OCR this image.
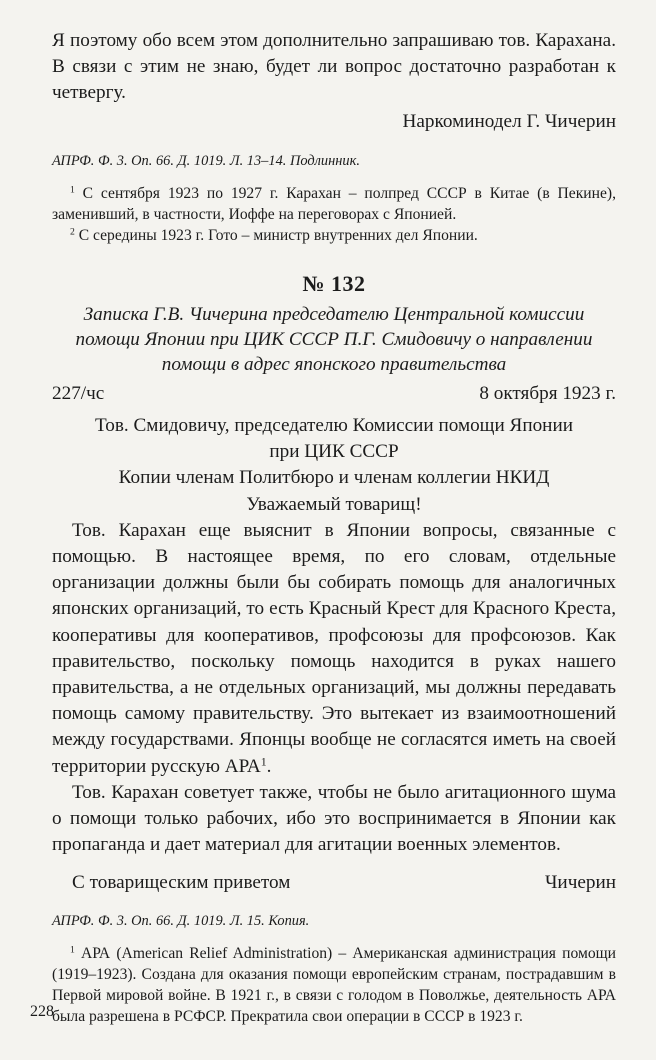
Я поэтому обо всем этом дополнительно запрашиваю тов. Карахана. В связи с этим не знаю, будет ли вопрос достаточно разработан к четвергу.

Наркоминодел Г. Чичерин

АПРФ. Ф. 3. Оп. 66. Д. 1019. Л. 13–14. Подлинник.

$^1$ С сентября 1923 по 1927 г. Карахан – полпред СССР в Китае (в Пекине), заменивший, в частности, Иоффе на переговорах с Японией.

$^2$ С середины 1923 г. Гото – министр внутренних дел Японии.

№ 132

Записка Г.В. Чичерина председателю Центральной комиссии помощи Японии при ЦИК СССР П.Г. Смидовичу о направлении помощи в адрес японского правительства

227/чс	8 октября 1923 г.

Тов. Смидовичу, председателю Комиссии помощи Японии

при ЦИК СССР

Копии членам Политбюро и членам коллегии НКИД

Уважаемый товарищ!

Тов. Карахан еще выяснит в Японии вопросы, связанные с помощью. В настоящее время, по его словам, отдельные организации должны были бы собирать помощь для аналогичных японских организаций, то есть Красный Крест для Красного Креста, кооперативы для кооперативов, профсоюзы для профсоюзов. Как правительство, поскольку помощь находится в руках нашего правительства, а не отдельных организаций, мы должны передавать помощь самому правительству. Это вытекает из взаимоотношений между государствами. Японцы вообще не согласятся иметь на своей территории русскую АРА$^1$.

Тов. Карахан советует также, чтобы не было агитационного шума о помощи только рабочих, ибо это воспринимается в Японии как пропаганда и дает материал для агитации военных элементов.

С товарищеским приветом	Чичерин

АПРФ. Ф. 3. Оп. 66. Д. 1019. Л. 15. Копия.

$^1$ АРА (American Relief Administration) – Американская администрация помощи (1919–1923). Создана для оказания помощи европейским странам, пострадавшим в Первой мировой войне. В 1921 г., в связи с голодом в Поволжье, деятельность АРА была разрешена в РСФСР. Прекратила свои операции в СССР в 1923 г.

228
